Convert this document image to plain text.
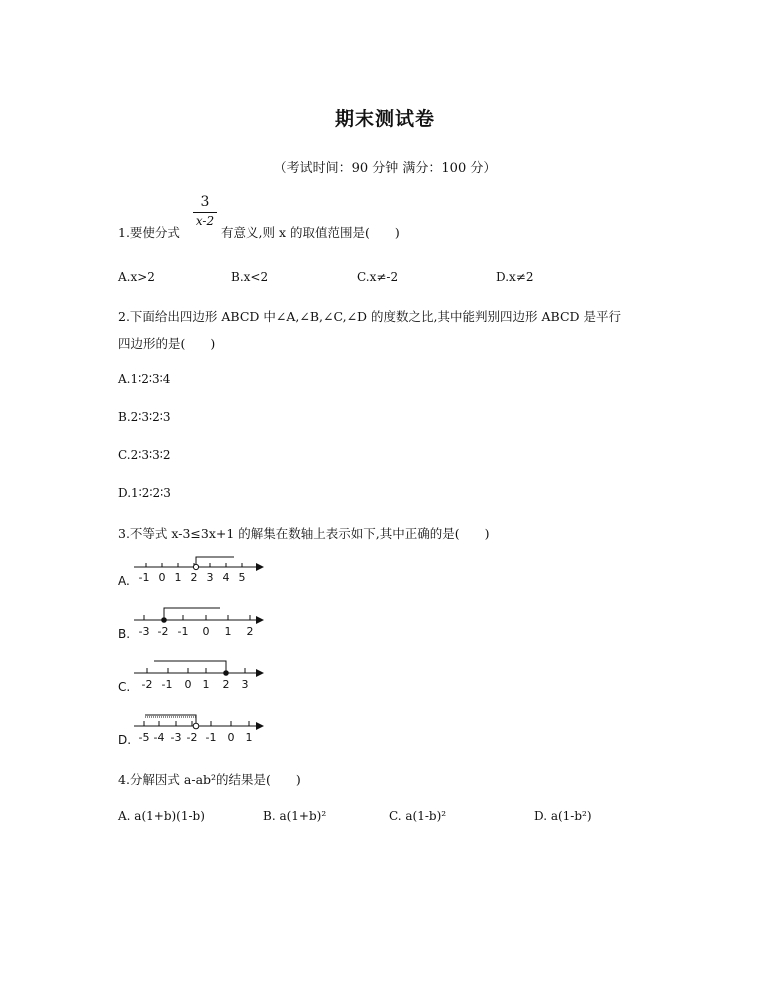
期末测试卷
（考试时间：90 分钟 满分：100 分）
1.要使分式
$\frac{3}{x-2}$
有意义,则 x 的取值范围是(　　)
A.x>2	B.x<2	C.x≠-2	D.x≠2
2.下面给出四边形 ABCD 中∠A,∠B,∠C,∠D 的度数之比,其中能判别四边形 ABCD 是平行
四边形的是(　　)
A.1∶2∶3∶4
B.2∶3∶2∶3
C.2∶3∶3∶2
D.1∶2∶2∶3
3.不等式 x-3≤3x+1 的解集在数轴上表示如下,其中正确的是(　　)
A. -1 0 1 2 3 4 5
B. -3 -2 -1 0 1 2
C. -2 -1 0 1 2 3
D. -5 -4 -3 -2 -1 0 1
4.分解因式 a-ab²的结果是(　　)
A. a(1+b)(1-b)	B. a(1+b)²	C. a(1-b)²	D. a(1-b²)
